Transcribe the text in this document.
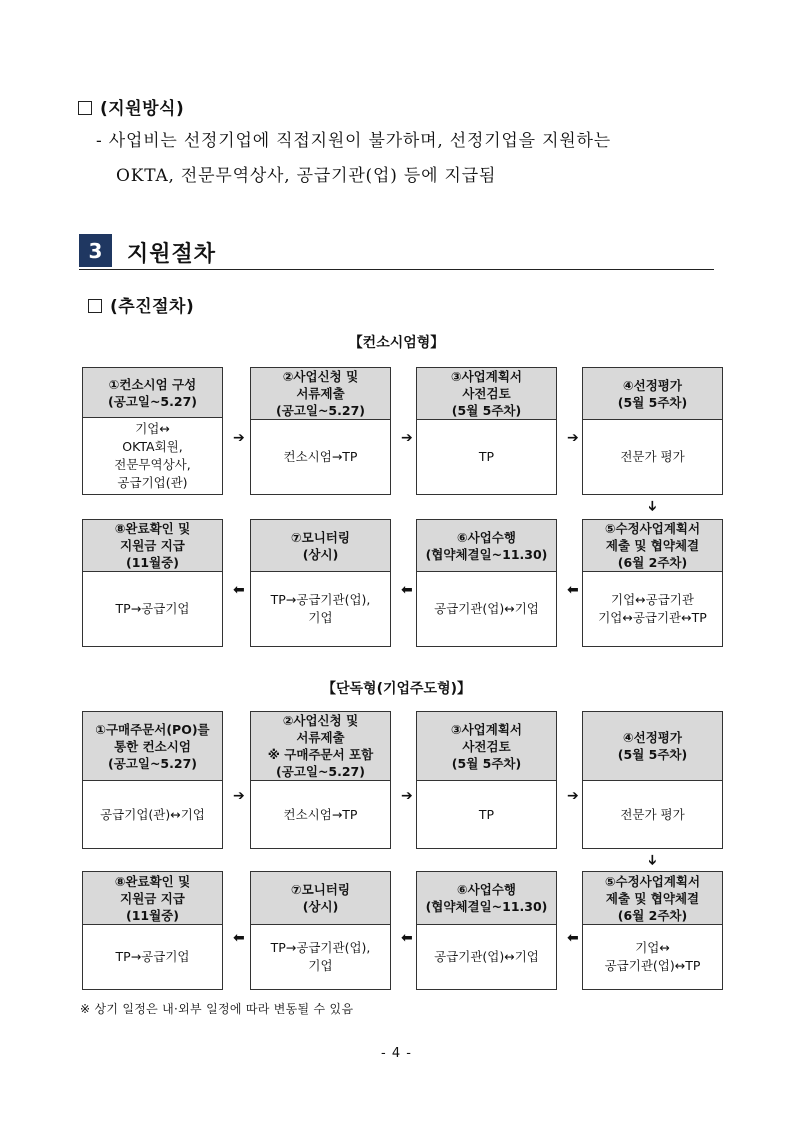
(지원방식)
- 사업비는 선정기업에 직접지원이 불가하며, 선정기업을 지원하는
OKTA, 전문무역상사, 공급기관(업) 등에 지급됨
3	지원절차
(추진절차)
【컨소시엄형】
①컨소시엄 구성
(공고일~5.27)
기업↔
OKTA회원,
전문무역상사,
공급기업(관)
②사업신청 및
서류제출
(공고일~5.27)
컨소시엄→TP
③사업계획서
사전검토
(5월 5주차)
TP
④선정평가
(5월 5주차)
전문가 평가
⑤수정사업계획서
제출 및 협약체결
(6월 2주차)
기업↔공급기관
기업↔공급기관↔TP
⑥사업수행
(협약체결일~11.30)
공급기관(업)↔기업
⑦모니터링
(상시)
TP→공급기관(업),
기업
⑧완료확인 및
지원금 지급
(11월중)
TP→공급기업
➔
⬅
➔
⬅
➔
⬅
➔
【단독형(기업주도형)】
①구매주문서(PO)를
통한 컨소시엄
(공고일~5.27)
공급기업(관)↔기업
②사업신청 및
서류제출
※ 구매주문서 포함
(공고일~5.27)
컨소시엄→TP
③사업계획서
사전검토
(5월 5주차)
TP
④선정평가
(5월 5주차)
전문가 평가
⑤수정사업계획서
제출 및 협약체결
(6월 2주차)
기업↔
공급기관(업)↔TP
⑥사업수행
(협약체결일~11.30)
공급기관(업)↔기업
⑦모니터링
(상시)
TP→공급기관(업),
기업
⑧완료확인 및
지원금 지급
(11월중)
TP→공급기업
➔
⬅
➔
⬅
➔
⬅
➔
※ 상기 일정은 내·외부 일정에 따라 변동될 수 있음
- 4 -
